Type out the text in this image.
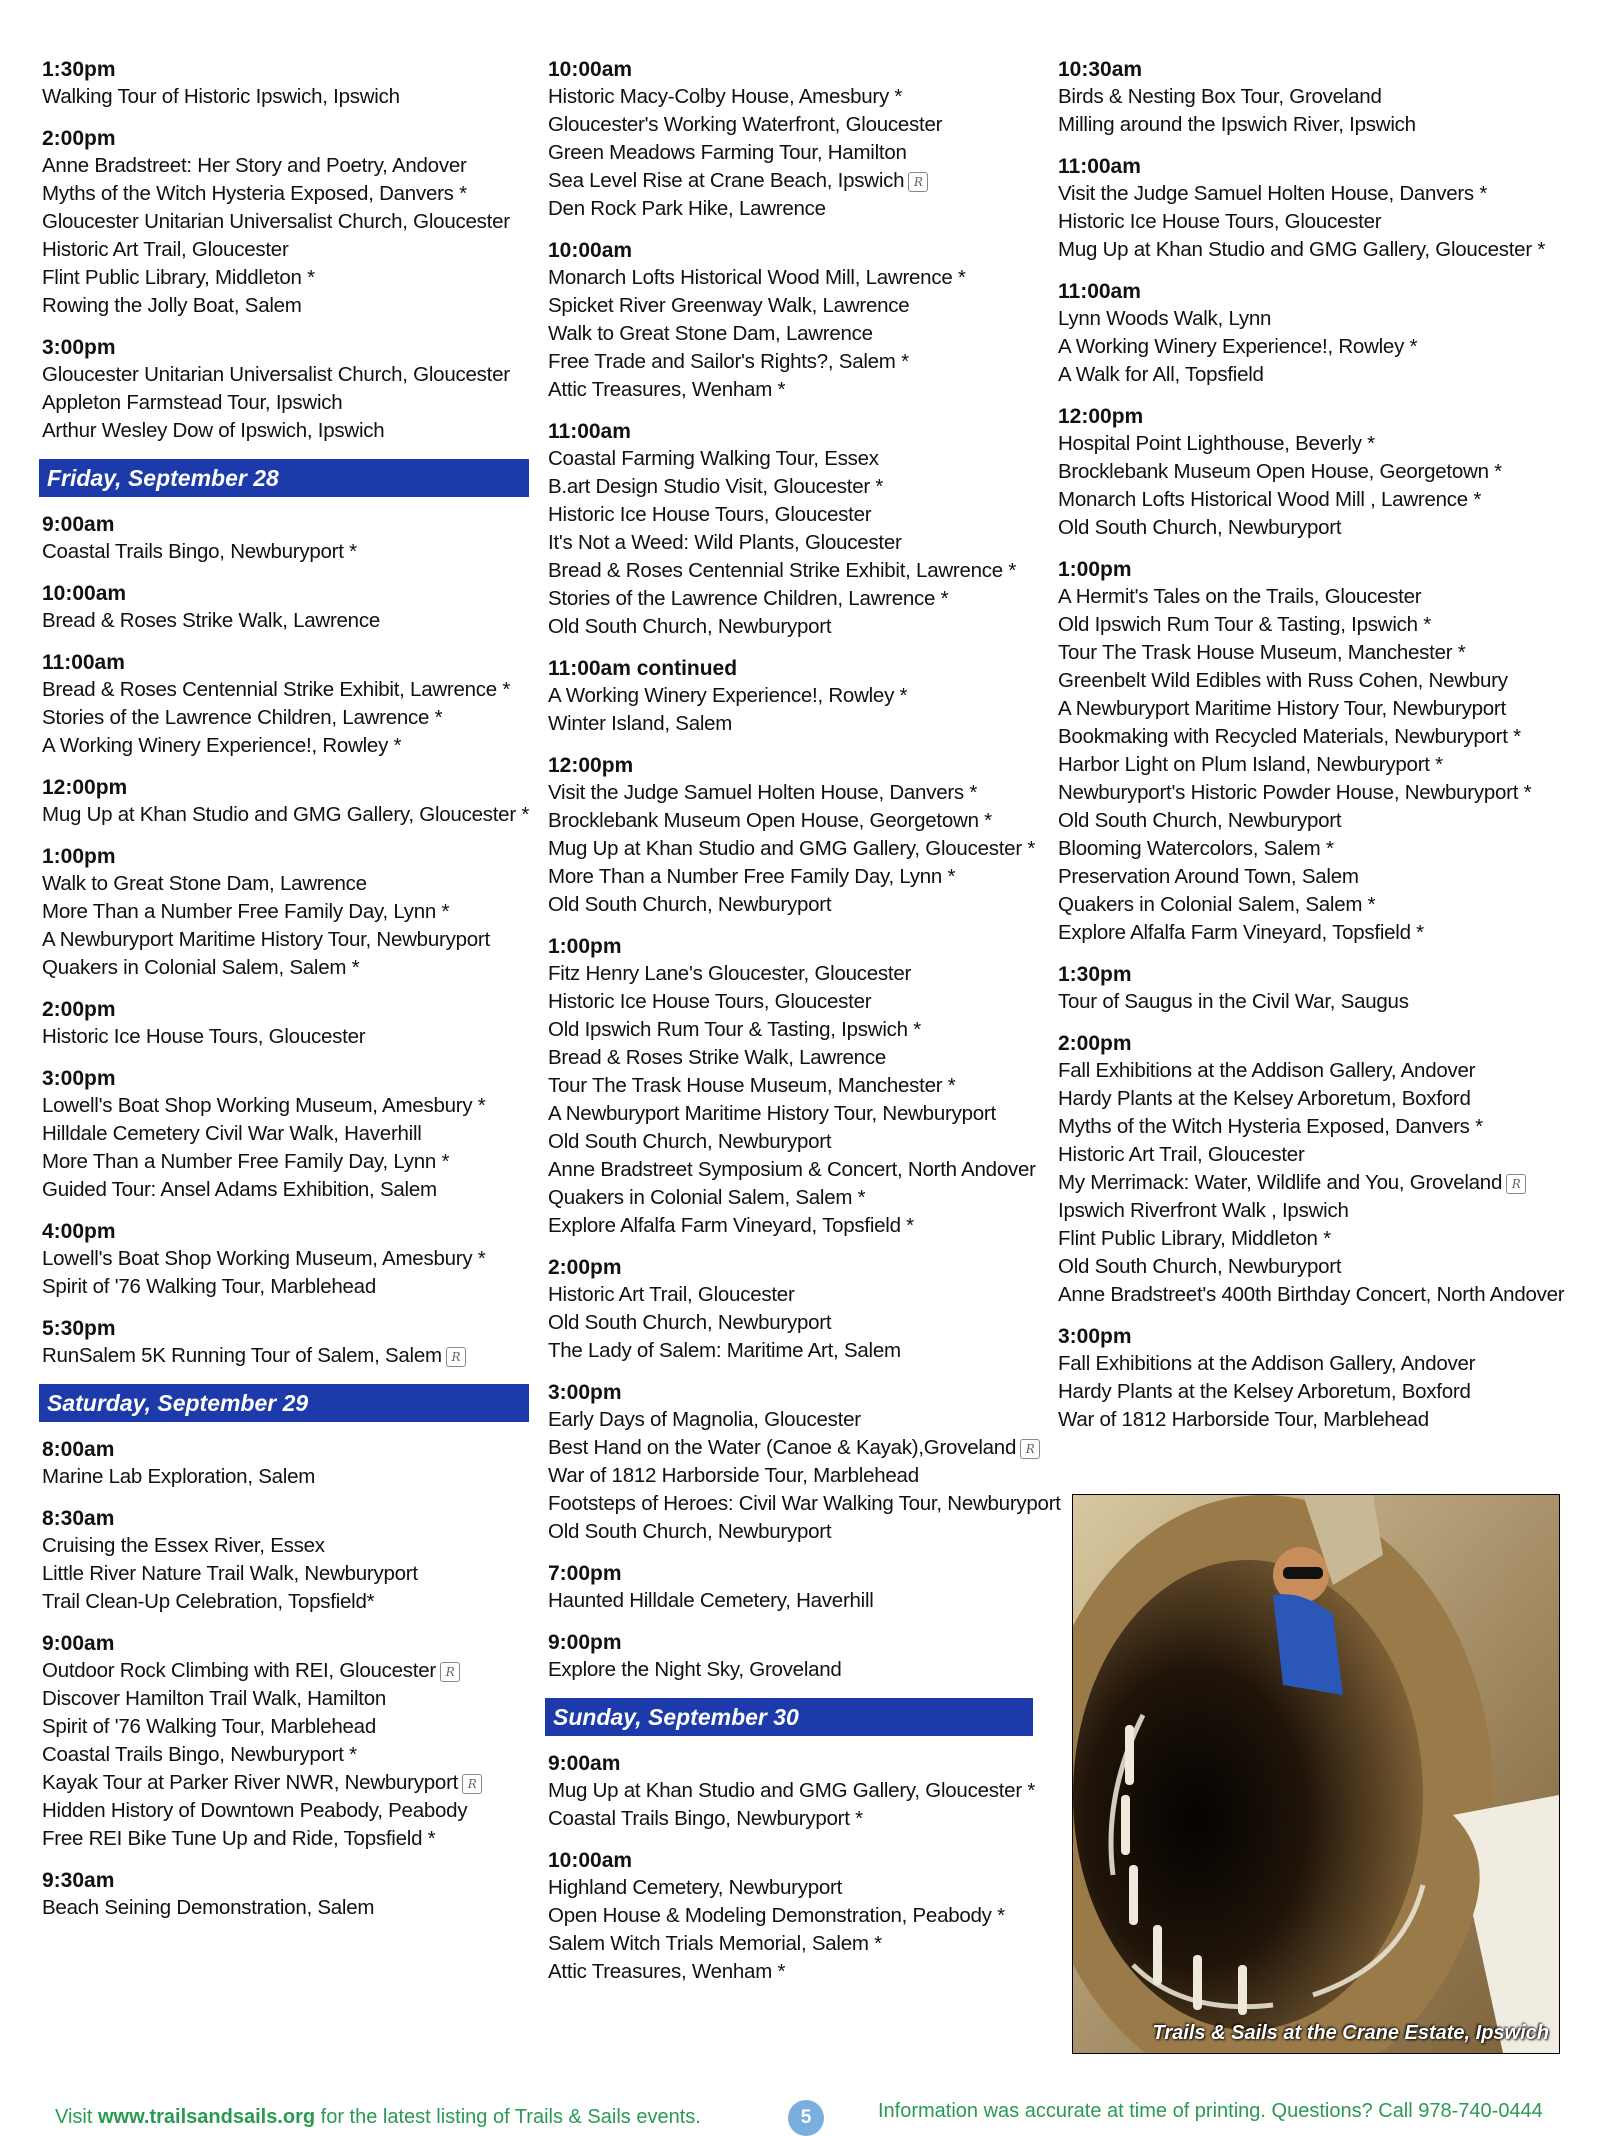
1:30pm
Walking Tour of Historic Ipswich, Ipswich
2:00pm
Anne Bradstreet: Her Story and Poetry, Andover
Myths of the Witch Hysteria Exposed, Danvers *
Gloucester Unitarian Universalist Church, Gloucester
Historic Art Trail, Gloucester
Flint Public Library, Middleton *
Rowing the Jolly Boat, Salem
3:00pm
Gloucester Unitarian Universalist Church, Gloucester
Appleton Farmstead Tour, Ipswich
Arthur Wesley Dow of Ipswich, Ipswich
Friday, September 28
9:00am
Coastal Trails Bingo, Newburyport *
10:00am
Bread & Roses Strike Walk, Lawrence
11:00am
Bread & Roses Centennial Strike Exhibit, Lawrence *
Stories of the Lawrence Children, Lawrence *
A Working Winery Experience!, Rowley *
12:00pm
Mug Up at Khan Studio and GMG Gallery, Gloucester *
1:00pm
Walk to Great Stone Dam, Lawrence
More Than a Number Free Family Day, Lynn *
A Newburyport Maritime History Tour, Newburyport
Quakers in Colonial Salem, Salem *
2:00pm
Historic Ice House Tours, Gloucester
3:00pm
Lowell's Boat Shop Working Museum, Amesbury *
Hilldale Cemetery Civil War Walk, Haverhill
More Than a Number Free Family Day, Lynn *
Guided Tour: Ansel Adams Exhibition, Salem
4:00pm
Lowell's Boat Shop Working Museum, Amesbury *
Spirit of '76 Walking Tour, Marblehead
5:30pm
RunSalem 5K Running Tour of Salem, Salem R
Saturday, September 29
8:00am
Marine Lab Exploration, Salem
8:30am
Cruising the Essex River, Essex
Little River Nature Trail Walk, Newburyport
Trail Clean-Up Celebration, Topsfield*
9:00am
Outdoor Rock Climbing with REI, Gloucester R
Discover Hamilton Trail Walk, Hamilton
Spirit of '76 Walking Tour, Marblehead
Coastal Trails Bingo, Newburyport *
Kayak Tour at Parker River NWR, Newburyport R
Hidden History of Downtown Peabody, Peabody
Free REI Bike Tune Up and Ride, Topsfield *
9:30am
Beach Seining Demonstration, Salem
10:00am
Historic Macy-Colby House, Amesbury *
Gloucester's Working Waterfront, Gloucester
Green Meadows Farming Tour, Hamilton
Sea Level Rise at Crane Beach, Ipswich R
Den Rock Park Hike, Lawrence
10:00am
Monarch Lofts Historical Wood Mill, Lawrence *
Spicket River Greenway Walk, Lawrence
Walk to Great Stone Dam, Lawrence
Free Trade and Sailor's Rights?, Salem *
Attic Treasures, Wenham *
11:00am
Coastal Farming Walking Tour, Essex
B.art Design Studio Visit, Gloucester *
Historic Ice House Tours, Gloucester
It's Not a Weed: Wild Plants, Gloucester
Bread & Roses Centennial Strike Exhibit, Lawrence *
Stories of the Lawrence Children, Lawrence *
Old South Church, Newburyport
11:00am continued
A Working Winery Experience!, Rowley *
Winter Island, Salem
12:00pm
Visit the Judge Samuel Holten House, Danvers *
Brocklebank Museum Open House, Georgetown *
Mug Up at Khan Studio and GMG Gallery, Gloucester *
More Than a Number Free Family Day, Lynn *
Old South Church, Newburyport
1:00pm
Fitz Henry Lane's Gloucester, Gloucester
Historic Ice House Tours, Gloucester
Old Ipswich Rum Tour & Tasting, Ipswich *
Bread & Roses Strike Walk, Lawrence
Tour The Trask House Museum, Manchester *
A Newburyport Maritime History Tour, Newburyport
Old South Church, Newburyport
Anne Bradstreet Symposium & Concert, North Andover
Quakers in Colonial Salem, Salem *
Explore Alfalfa Farm Vineyard, Topsfield *
2:00pm
Historic Art Trail, Gloucester
Old South Church, Newburyport
The Lady of Salem: Maritime Art, Salem
3:00pm
Early Days of Magnolia, Gloucester
Best Hand on the Water (Canoe & Kayak),Groveland R
War of 1812 Harborside Tour, Marblehead
Footsteps of Heroes: Civil War Walking Tour, Newburyport
Old South Church, Newburyport
7:00pm
Haunted Hilldale Cemetery, Haverhill
9:00pm
Explore the Night Sky, Groveland
Sunday, September 30
9:00am
Mug Up at Khan Studio and GMG Gallery, Gloucester *
Coastal Trails Bingo, Newburyport *
10:00am
Highland Cemetery, Newburyport
Open House & Modeling Demonstration, Peabody *
Salem Witch Trials Memorial, Salem *
Attic Treasures, Wenham *
10:30am
Birds & Nesting Box Tour, Groveland
Milling around the Ipswich River, Ipswich
11:00am
Visit the Judge Samuel Holten House, Danvers *
Historic Ice House Tours, Gloucester
Mug Up at Khan Studio and GMG Gallery, Gloucester *
11:00am
Lynn Woods Walk, Lynn
A Working Winery Experience!, Rowley *
A Walk for All, Topsfield
12:00pm
Hospital Point Lighthouse, Beverly *
Brocklebank Museum Open House, Georgetown *
Monarch Lofts Historical Wood Mill , Lawrence *
Old South Church, Newburyport
1:00pm
A Hermit's Tales on the Trails, Gloucester
Old Ipswich Rum Tour & Tasting, Ipswich *
Tour The Trask House Museum, Manchester *
Greenbelt Wild Edibles with Russ Cohen, Newbury
A Newburyport Maritime History Tour, Newburyport
Bookmaking with Recycled Materials, Newburyport *
Harbor Light on Plum Island, Newburyport *
Newburyport's Historic Powder House, Newburyport *
Old South Church, Newburyport
Blooming Watercolors, Salem *
Preservation Around Town, Salem
Quakers in Colonial Salem, Salem *
Explore Alfalfa Farm Vineyard, Topsfield *
1:30pm
Tour of Saugus in the Civil War, Saugus
2:00pm
Fall Exhibitions at the Addison Gallery, Andover
Hardy Plants at the Kelsey Arboretum, Boxford
Myths of the Witch Hysteria Exposed, Danvers *
Historic Art Trail, Gloucester
My Merrimack: Water, Wildlife and You, Groveland R
Ipswich Riverfront Walk , Ipswich
Flint Public Library, Middleton *
Old South Church, Newburyport
Anne Bradstreet's 400th Birthday Concert, North Andover
3:00pm
Fall Exhibitions at the Addison Gallery, Andover
Hardy Plants at the Kelsey Arboretum, Boxford
War of 1812 Harborside Tour, Marblehead
Trails & Sails at the Crane Estate, Ipswich
Visit www.trailsandsails.org for the latest listing of Trails & Sails events.	5	Information was accurate at time of printing. Questions? Call 978-740-0444
